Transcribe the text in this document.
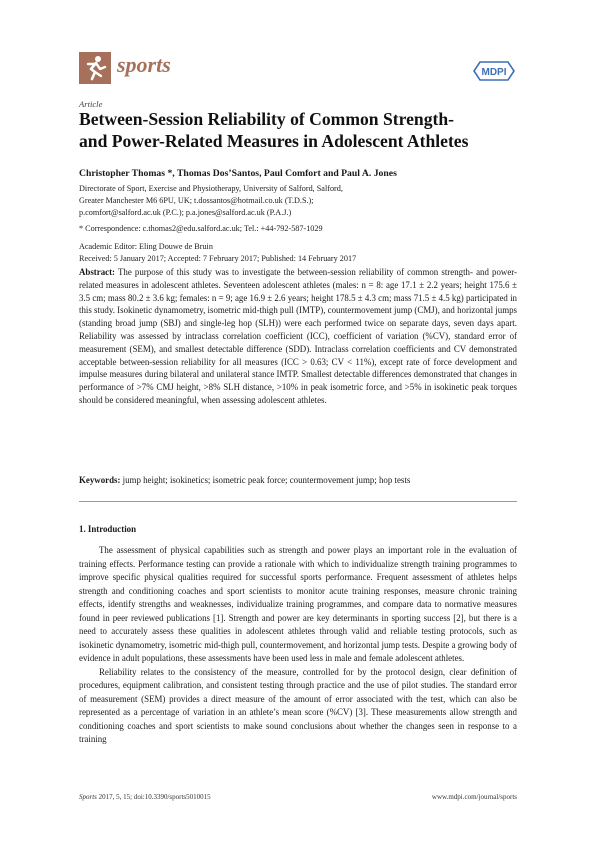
sports	MDPI
Article
Between-Session Reliability of Common Strength-
and Power-Related Measures in Adolescent Athletes
Christopher Thomas *, Thomas Dos’Santos, Paul Comfort and Paul A. Jones
Directorate of Sport, Exercise and Physiotherapy, University of Salford, Salford,
Greater Manchester M6 6PU, UK; t.dossantos@hotmail.co.uk (T.D.S.);
p.comfort@salford.ac.uk (P.C.); p.a.jones@salford.ac.uk (P.A.J.)
* Correspondence: c.thomas2@edu.salford.ac.uk; Tel.: +44-792-587-1029
Academic Editor: Eling Douwe de Bruin
Received: 5 January 2017; Accepted: 7 February 2017; Published: 14 February 2017
Abstract: The purpose of this study was to investigate the between-session reliability of common strength- and power-related measures in adolescent athletes. Seventeen adolescent athletes (males: n = 8: age 17.1 ± 2.2 years; height 175.6 ± 3.5 cm; mass 80.2 ± 3.6 kg; females: n = 9; age 16.9 ± 2.6 years; height 178.5 ± 4.3 cm; mass 71.5 ± 4.5 kg) participated in this study. Isokinetic dynamometry, isometric mid-thigh pull (IMTP), countermovement jump (CMJ), and horizontal jumps (standing broad jump (SBJ) and single-leg hop (SLH)) were each performed twice on separate days, seven days apart. Reliability was assessed by intraclass correlation coefficient (ICC), coefficient of variation (%CV), standard error of measurement (SEM), and smallest detectable difference (SDD). Intraclass correlation coefficients and CV demonstrated acceptable between-session reliability for all measures (ICC > 0.63; CV < 11%), except rate of force development and impulse measures during bilateral and unilateral stance IMTP. Smallest detectable differences demonstrated that changes in performance of >7% CMJ height, >8% SLH distance, >10% in peak isometric force, and >5% in isokinetic peak torques should be considered meaningful, when assessing adolescent athletes.
Keywords: jump height; isokinetics; isometric peak force; countermovement jump; hop tests
1. Introduction

The assessment of physical capabilities such as strength and power plays an important role in the evaluation of training effects. Performance testing can provide a rationale with which to individualize strength training programmes to improve specific physical qualities required for successful sports performance. Frequent assessment of athletes helps strength and conditioning coaches and sport scientists to monitor acute training responses, measure chronic training effects, identify strengths and weaknesses, individualize training programmes, and compare data to normative measures found in peer reviewed publications [1]. Strength and power are key determinants in sporting success [2], but there is a need to accurately assess these qualities in adolescent athletes through valid and reliable testing protocols, such as isokinetic dynamometry, isometric mid-thigh pull, countermovement, and horizontal jump tests. Despite a growing body of evidence in adult populations, these assessments have been used less in male and female adolescent athletes.

Reliability relates to the consistency of the measure, controlled for by the protocol design, clear definition of procedures, equipment calibration, and consistent testing through practice and the use of pilot studies. The standard error of measurement (SEM) provides a direct measure of the amount of error associated with the test, which can also be represented as a percentage of variation in an athlete’s mean score (%CV) [3]. These measurements allow strength and conditioning coaches and sport scientists to make sound conclusions about whether the changes seen in response to a training

Sports 2017, 5, 15; doi:10.3390/sports5010015	www.mdpi.com/journal/sports
